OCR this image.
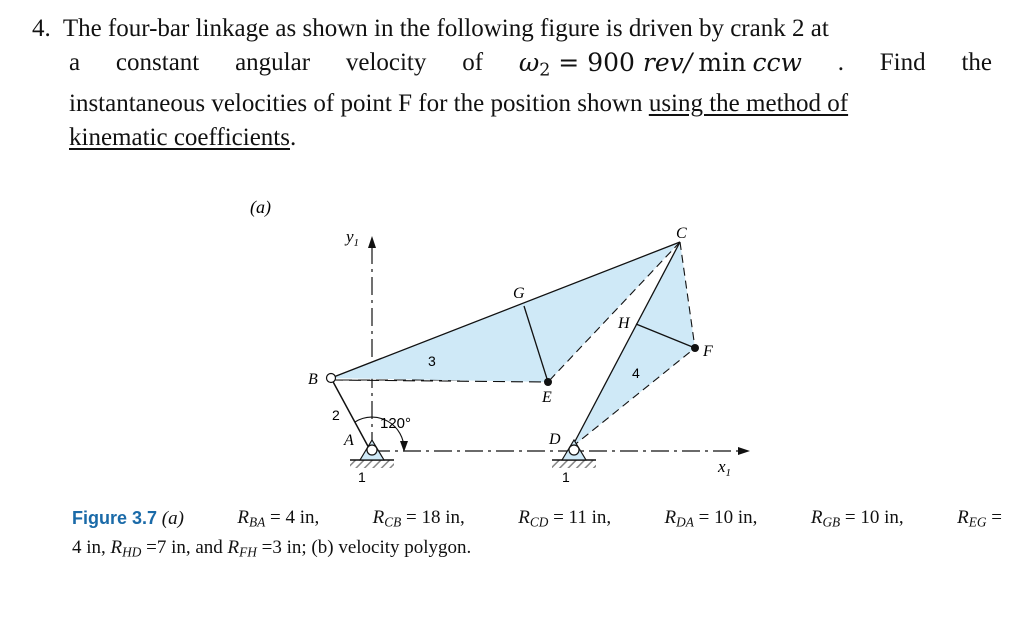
4. The four-bar linkage as shown in the following figure is driven by crank 2 at

a constant angular velocity of $\omega_2 = 900$ rev/ min ccw . Find the

instantaneous velocities of point F for the position shown using the method of

kinematic coefficients.

(a)
$y_1$
$x_1$
120°
A
B
C
D
E
F
G
H
2
3
4
1	1
Figure 3.7 (a)	$R_{BA} = 4$ in,	$R_{CB} = 18$ in,	$R_{CD} = 11$ in,	$R_{DA} = 10$ in,	$R_{GB} = 10$ in,	$R_{EG}$ =
4 in, $R_{HD} =7$ in, and $R_{FH} =3$ in; (b) velocity polygon.
